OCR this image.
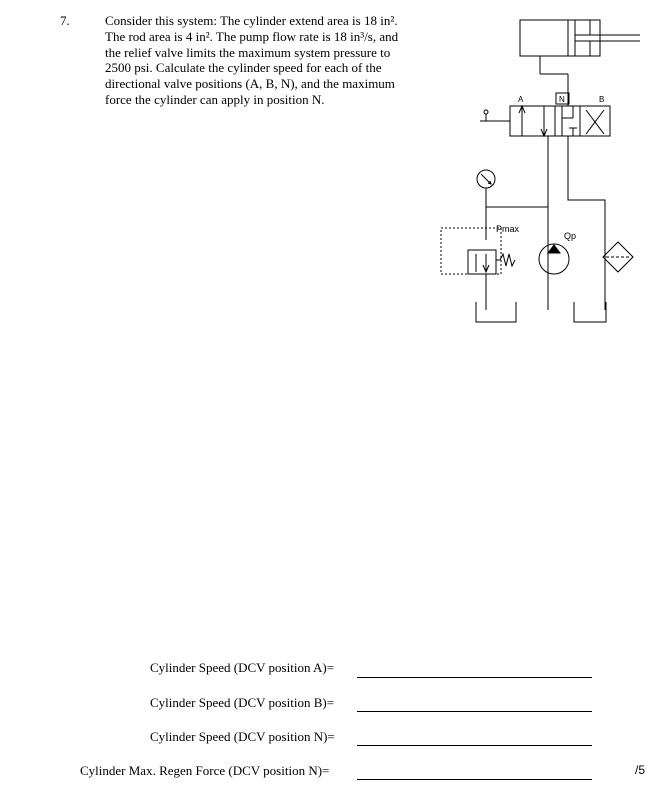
7.	Consider this system: The cylinder extend area is 18 in².

The rod area is 4 in². The pump flow rate is 18 in³/s, and

the relief valve limits the maximum system pressure to

2500 psi. Calculate the cylinder speed for each of the

directional valve positions (A, B, N), and the maximum

force the cylinder can apply in position N.	A	N	B
Pmax
Qp
Cylinder Speed (DCV position A)=
Cylinder Speed (DCV position B)=
Cylinder Speed (DCV position N)=
Cylinder Max. Regen Force (DCV position N)=	/5
